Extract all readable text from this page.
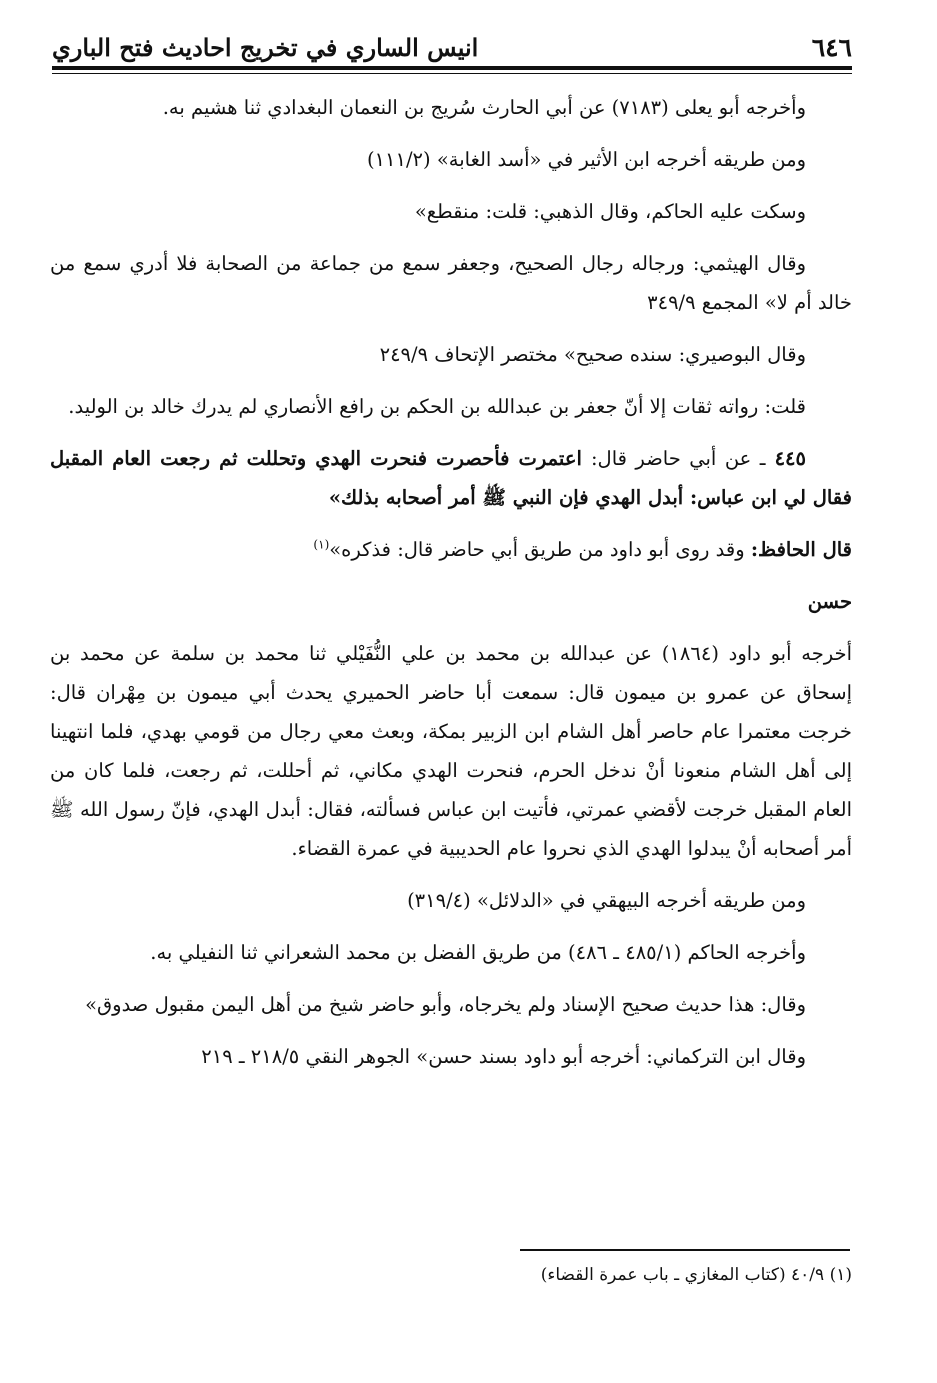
٦٤٦
انيس الساري في تخريج احاديث فتح الباري

وأخرجه أبو يعلى (٧١٨٣) عن أبي الحارث سُريج بن النعمان البغدادي ثنا هشيم به.

ومن طريقه أخرجه ابن الأثير في «أسد الغابة» (١١١/٢)

وسكت عليه الحاكم، وقال الذهبي: قلت: منقطع»

وقال الهيثمي: ورجاله رجال الصحيح، وجعفر سمع من جماعة من الصحابة فلا أدري سمع من خالد أم لا» المجمع ٣٤٩/٩

وقال البوصيري: سنده صحيح» مختصر الإتحاف ٢٤٩/٩

قلت: رواته ثقات إلا أنّ جعفر بن عبدالله بن الحكم بن رافع الأنصاري لم يدرك خالد بن الوليد.

٤٤٥ ـ عن أبي حاضر قال: اعتمرت فأحصرت فنحرت الهدي وتحللت ثم رجعت العام المقبل فقال لي ابن عباس: أبدل الهدي فإن النبي ﷺ أمر أصحابه بذلك»

قال الحافظ: وقد روى أبو داود من طريق أبي حاضر قال: فذكره»$^{(١)}$

حسن

أخرجه أبو داود (١٨٦٤) عن عبدالله بن محمد بن علي النُّفَيْلي ثنا محمد بن سلمة عن محمد بن إسحاق عن عمرو بن ميمون قال: سمعت أبا حاضر الحميري يحدث أبي ميمون بن مِهْران قال: خرجت معتمرا عام حاصر أهل الشام ابن الزبير بمكة، وبعث معي رجال من قومي بهدي، فلما انتهينا إلى أهل الشام منعونا أنْ ندخل الحرم، فنحرت الهدي مكاني، ثم أحللت، ثم رجعت، فلما كان من العام المقبل خرجت لأقضي عمرتي، فأتيت ابن عباس فسألته، فقال: أبدل الهدي، فإنّ رسول الله ﷺ أمر أصحابه أنْ يبدلوا الهدي الذي نحروا عام الحديبية في عمرة القضاء.

ومن طريقه أخرجه البيهقي في «الدلائل» (٣١٩/٤)

وأخرجه الحاكم (٤٨٥/١ ـ ٤٨٦) من طريق الفضل بن محمد الشعراني ثنا النفيلي به.

وقال: هذا حديث صحيح الإسناد ولم يخرجاه، وأبو حاضر شيخ من أهل اليمن مقبول صدوق»

وقال ابن التركماني: أخرجه أبو داود بسند حسن» الجوهر النقي ٢١٨/٥ ـ ٢١٩

(١) ٤٠/٩ (كتاب المغازي ـ باب عمرة القضاء)
